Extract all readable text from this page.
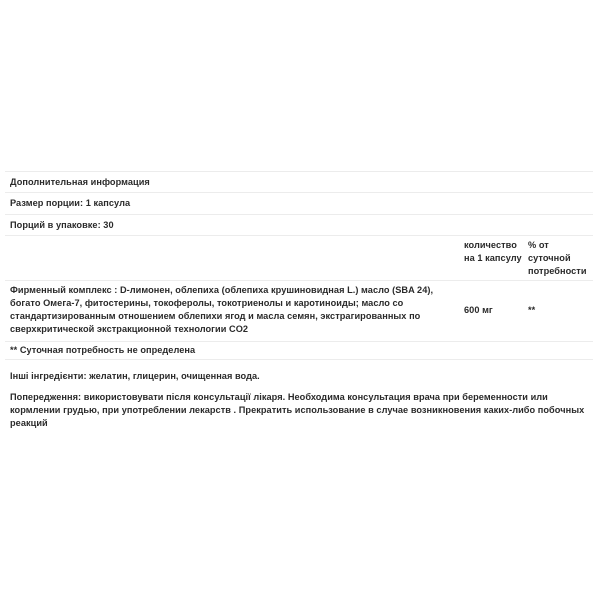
Дополнительная информация
Размер порции: 1 капсула
Порций в упаковке: 30
количество на 1 капсулу
% от суточной потребности
Фирменный комплекс : D-лимонен, облепиха (облепиха крушиновидная L.) масло (SBA 24), богато Омега-7, фитостерины, токоферолы, токотриенолы и каротиноиды; масло со стандартизированным отношением облепихи ягод и масла семян, экстрагированных по сверхкритической экстракционной технологии CO2
600 мг	**
** Суточная потребность не определена
Інші інгредієнти: желатин, глицерин, очищенная вода.
Попередження: використовувати після консультації лікаря. Необходима консультация врача при беременности или кормлении грудью, при употреблении лекарств . Прекратить использование в случае возникновения каких-либо побочных реакций
